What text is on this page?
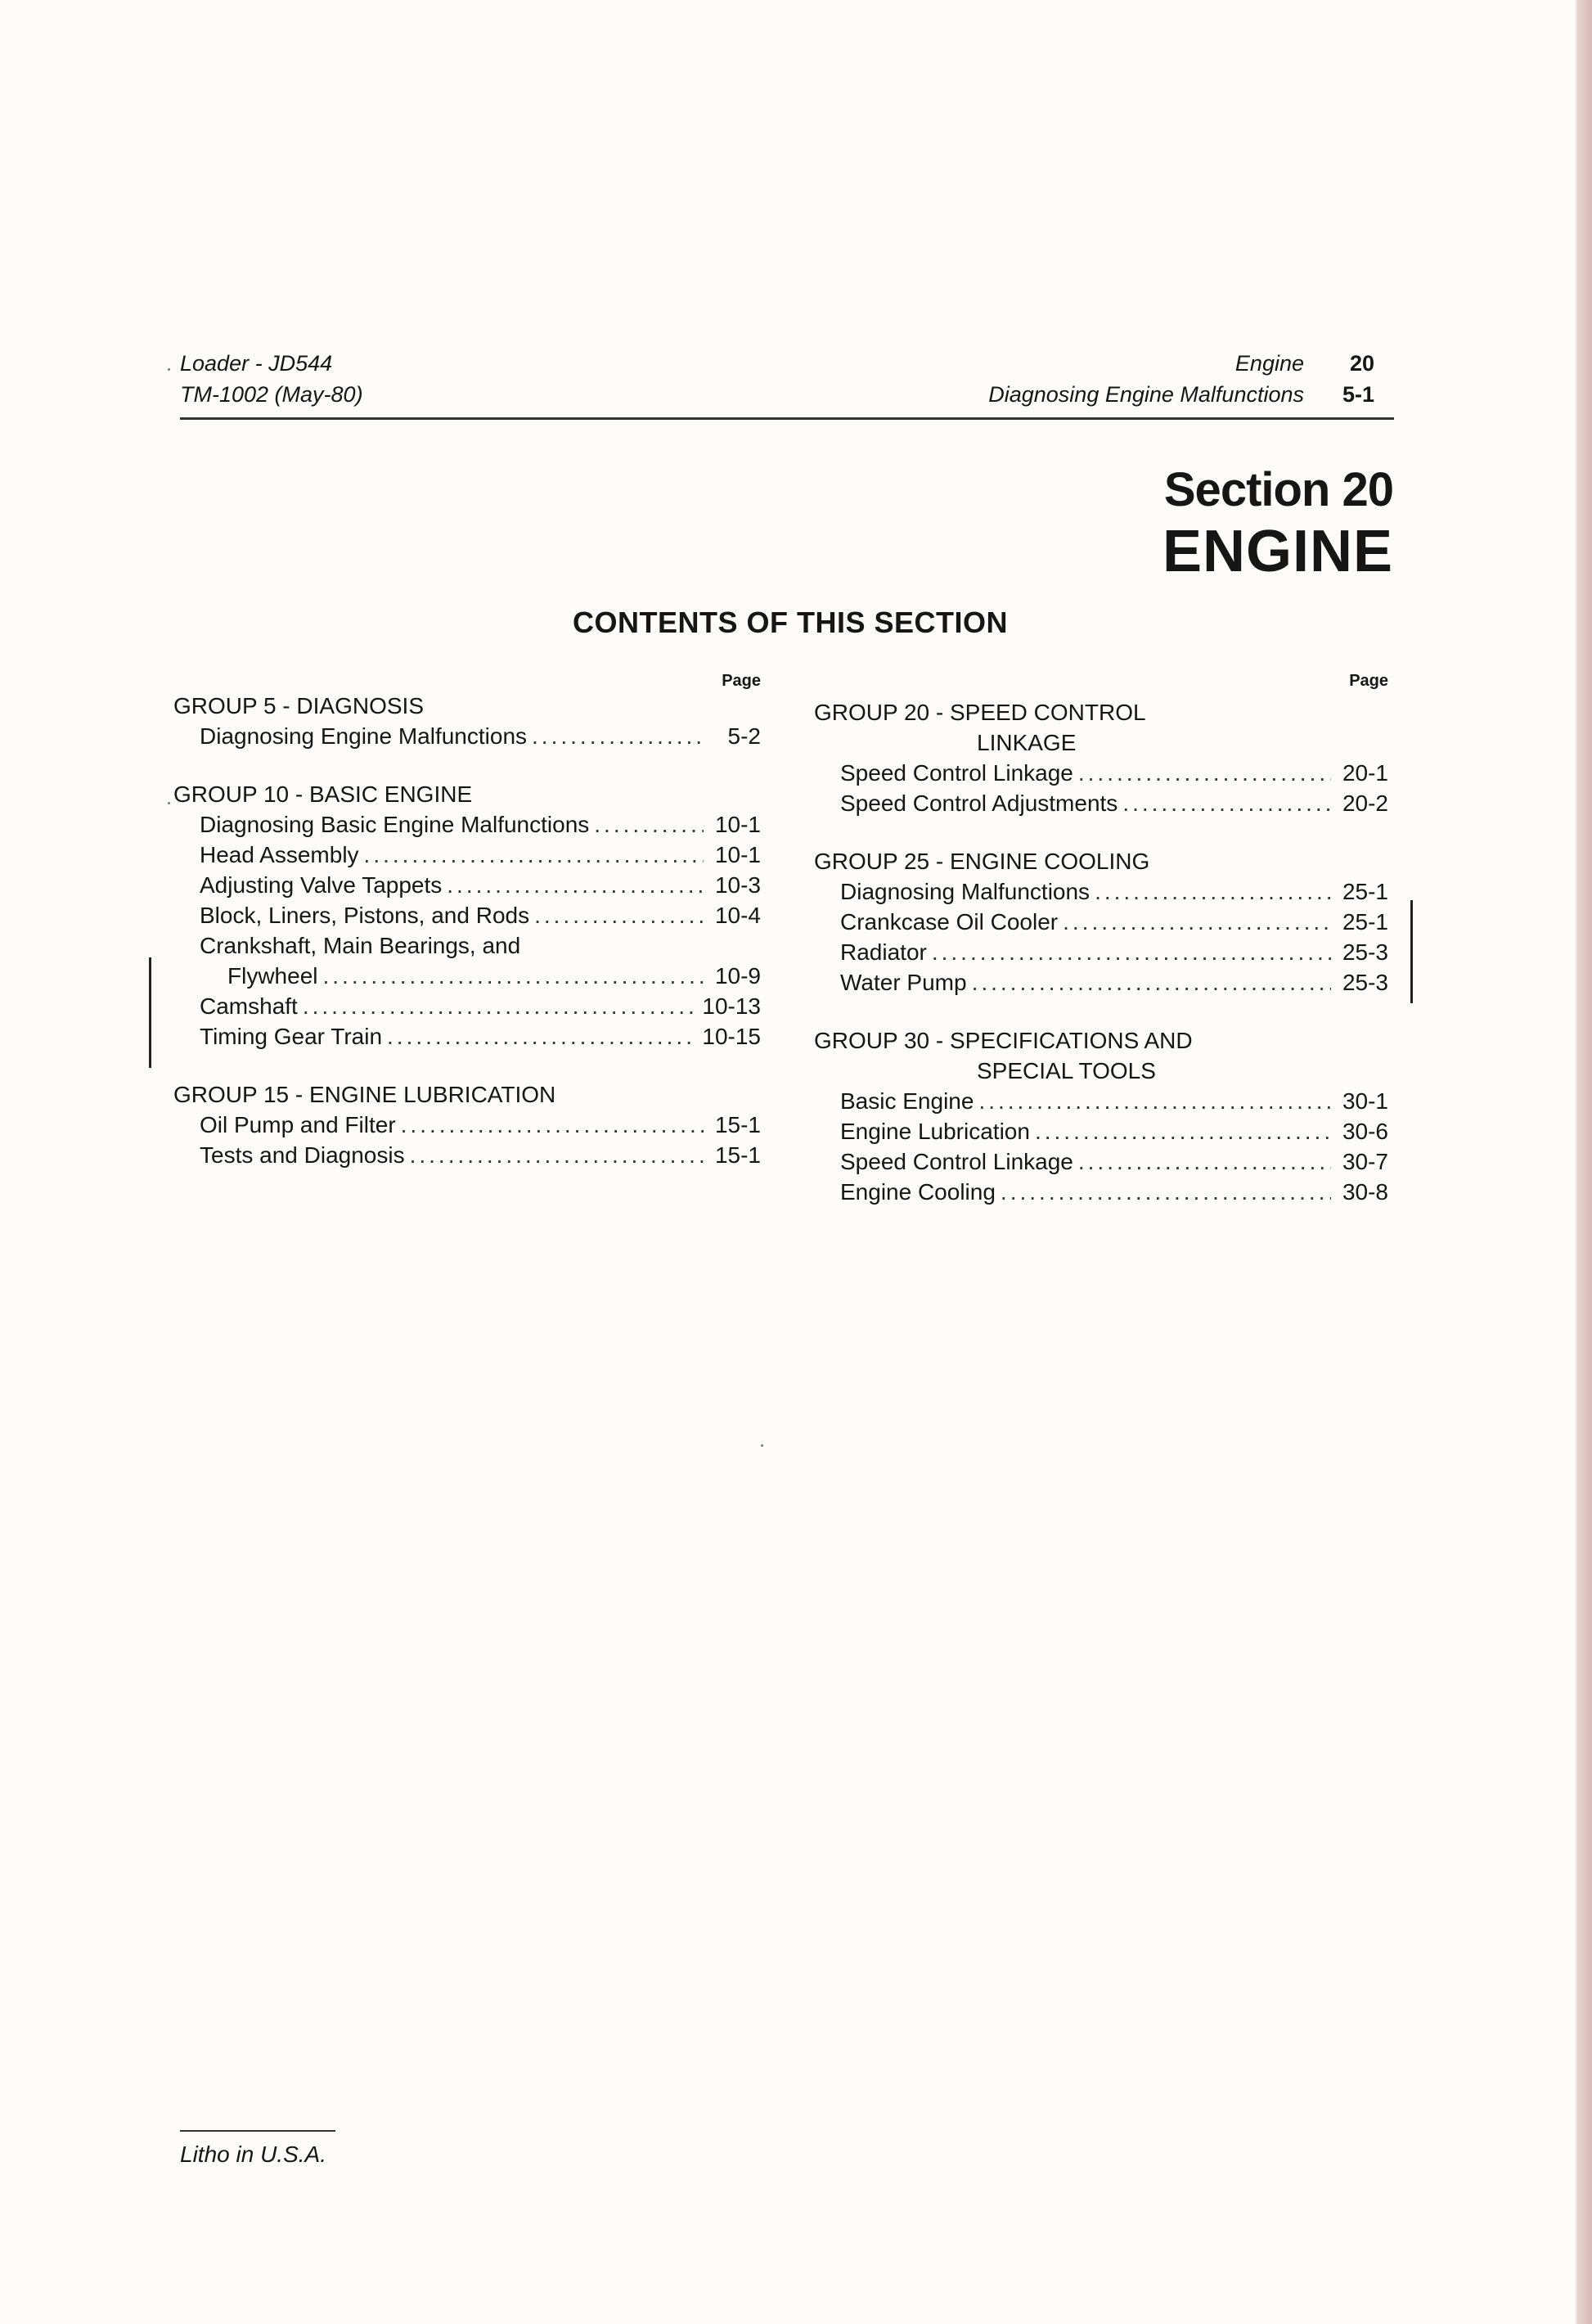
Loader - JD544
TM-1002 (May-80)
Engine	20
Diagnosing Engine Malfunctions 5-1
Section 20
ENGINE
CONTENTS OF THIS SECTION
Page
GROUP 5 - DIAGNOSIS
Diagnosing Engine Malfunctions .....	5-2
GROUP 10 - BASIC ENGINE
Diagnosing Basic Engine Malfunctions .....	10-1
Head Assembly .....	10-1
Adjusting Valve Tappets .....	10-3
Block, Liners, Pistons, and Rods .....	10-4
Crankshaft, Main Bearings, and
Flywheel .....	10-9
Camshaft .....	10-13
Timing Gear Train .....	10-15
GROUP 15 - ENGINE LUBRICATION
Oil Pump and Filter .....	15-1
Tests and Diagnosis .....	15-1
Page
GROUP 20 - SPEED CONTROL
LINKAGE
Speed Control Linkage .....	20-1
Speed Control Adjustments .....	20-2
GROUP 25 - ENGINE COOLING
Diagnosing Malfunctions .....	25-1
Crankcase Oil Cooler .....	25-1
Radiator .....	25-3
Water Pump .....	25-3
GROUP 30 - SPECIFICATIONS AND
SPECIAL TOOLS
Basic Engine .....	30-1
Engine Lubrication .....	30-6
Speed Control Linkage .....	30-7
Engine Cooling .....	30-8
Litho in U.S.A.
